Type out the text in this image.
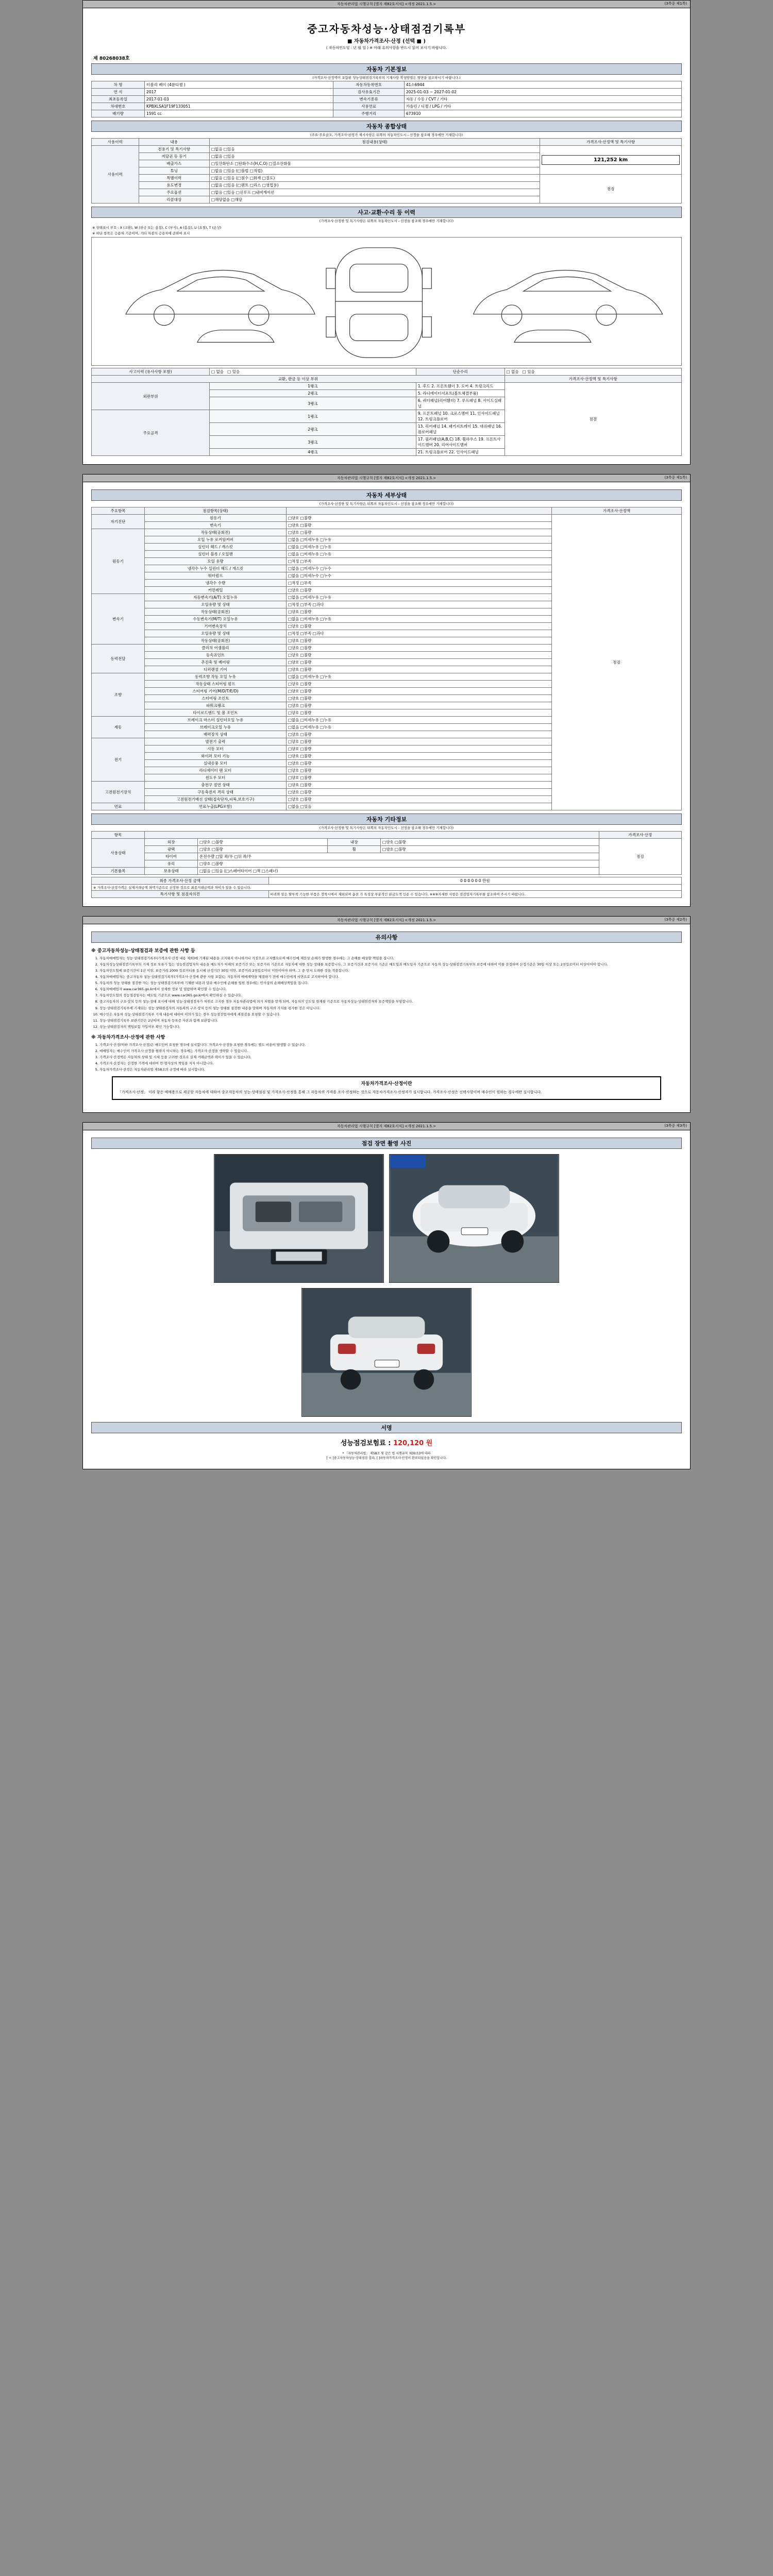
자동차관리법 시행규칙 [별지 제82호서식] <개정 2021.1.5.>	(3쪽중 제1쪽)
중고자동차성능·상태점검기록부
■ 자동차가격조사·산정 (선택 ■ )
( 자동차인도일 : 년 월 일 ) ※ 아래 유의사항을 반드시 읽어 보시기 바랍니다.
제 80268038호
자동차 기본정보
(가격조사·산정액이 포함된 성능상태점검기록부의 기재사항 작성방법은 뒷면을 참조하시기 바랍니다.)
차 명	터볼리 베이 (4륜디젤 )	자동차등록번호	41소6944
연 식	2017	검사유효기간	2025-01-03 ~ 2027-01-02
최초등록일	2017-01-03	변속기종류	자동 / 수동 / CVT / 기타
차대번호	KPBXLSA1F19F133051	사용연료	가솔린 / 디젤 / LPG / 기타
배기량	1591 cc	주행거리	673910
자동차 종합상태
(주요·주요골조, 가격조사·산정가 제시사항은 뒤쪽의 자동차인도시 - 선정을 참조해 경우에만 기재합니다)
사용이력	내용	점검내용(상태)	가격조사·산정액 및 특기사항
사용이력	전용기 및 특기사항	□없음 □있음	121,252 km

	저당권 등 등기	□없음 □있음	
	배출가스	□일산화탄소 □탄화수소(H,C,O) □질소산화물	
	튜닝	□없음 □있음 (□불법 □적법)	
	특별이력	□없음 □있음 (□침수 □화재 □절도)	점검
	용도변경	□없음 □있음 (□렌트 □리스 □영업용)	
	주요옵션	□없음 □있음 □선루프 □내비게이션	
	리콜대상	□해당없음 □해당	
사고·교환·수리 등 이력
(가격조사·산정한 및 특기사항은 뒤쪽의 자동차인도시 - 선정을 참조해 경우에만 기재합니다)
※ 상태표시 부호 : X (교환), W (판금 또는 용접), C (부식), A (흠집), U (요철), T (손상)
※ 하단 항목은 승용차 기준이며, 기타 차종의 승용차에 준하여 표시
사고이력 (유사사항 포함)	□ 없음   □ 있음	단순수리	□ 없음   □ 있음
교환, 판금 등 이상 부위			가격조사·산정액 및 특기사항
외판부위	1랭크	1. 후드 2. 프론트휀더 3. 도어 4. 트렁크리드	점검
	2랭크	5. 라디에이터서포트(볼트체결부품)	
	3랭크	6. 쿼터패널(리어휀더) 7. 루프패널 8. 사이드실패널	
주요골격	1랭크	9. 프론트패널 10. 크로스멤버 11. 인사이드패널 12. 트렁크플로어	
	2랭크	13. 리어패널 14. 패키지트레이 15. 대쉬패널 16. 플로어패널	
	3랭크	17. 필러패널(A,B,C) 18. 휠하우스 19. 프론트사이드멤버 20. 리어사이드멤버	
	4랭크	21. 트렁크플로어 22. 인사이드패널	
자동차관리법 시행규칙 [별지 제82호서식] <개정 2021.1.5.>	(3쪽중 제1쪽)
자동차 세부상태
(가격조사·산정한 및 특기사항은 뒤쪽의 자동차인도시 - 선정을 참조해 경우에만 기재합니다)
주요항목	점검항목(상태)		가격조사·산정액
자기진단	원동기	□양호 □불량	점검
	변속기	□양호 □불량	
원동기	작동상태(공회전)	□양호 □불량	
	오일 누유 로커암커버	□없음 □미세누유 □누유	
	실린더 헤드 / 개스킷	□없음 □미세누유 □누유	
	실린더 블록 / 오일팬	□없음 □미세누유 □누유	
	오일 유량	□적정 □부족	
	냉각수 누수 실린더 헤드 / 개스킷	□없음 □미세누수 □누수	
	워터펌프	□없음 □미세누수 □누수	
	냉각수 수량	□적정 □부족	
	커먼레일	□양호 □불량	
변속기	자동변속기(A/T) 오일누유	□없음 □미세누유 □누유	
	오일유량 및 상태	□적정 □부족 □과다	
	작동상태(공회전)	□양호 □불량	
	수동변속기(M/T) 오일누유	□없음 □미세누유 □누유	
	기어변속장치	□양호 □불량	
	오일유량 및 상태	□적정 □부족 □과다	
	작동상태(공회전)	□양호 □불량	
동력전달	클러치 어셈블리	□양호 □불량	
	등속죠인트	□양호 □불량	
	추진축 및 베어링	□양호 □불량	
	디퍼렌셜 기어	□양호 □불량	
조향	동력조향 작동 오일 누유	□없음 □미세누유 □누유	
	작동상태 스티어링 펌프	□양호 □불량	
	스티어링 기어(M/D/T/E/D)	□양호 □불량	
	스티어링 조인트	□양호 □불량	
	파워크랭크	□양호 □불량	
	타이로드엔드 및 볼 조인트	□양호 □불량	
제동	브레이크 마스터 실린더오일 누유	□없음 □미세누유 □누유	
	브레이크오일 누유	□없음 □미세누유 □누유	
	배력장치 상태	□양호 □불량	
전기	발전기 출력	□양호 □불량	
	시동 모터	□양호 □불량	
	와이퍼 모터 기능	□양호 □불량	
	실내송풍 모터	□양호 □불량	
	라디에이터 팬 모터	□양호 □불량	
	윈도우 모터	□양호 □불량	
고전원전기장치	충전구 절연 상태	□양호 □불량	
	구동축전지 격리 상태	□양호 □불량	
	고전원전기배선 상태(접속단자,피복,보호기구)	□양호 □불량	
연료	연료누출(LPG포함)	□없음 □있음	
자동차 기타정보
(가격조사·산정한 및 특기사항은 뒤쪽의 자동차인도시 - 선정을 참조해 경우에만 기재합니다)
항목					가격조사·산정
사용상태	외장	□양호 □불량	내장	□양호 □불량	점검
	광택	□양호 □불량	휠	□양호 □불량	
	타이어	온전수량 □앞 좌/우 □뒤 좌/우			
	유리	□양호 □불량			
기본품목	보유상태	□없음 □있음 (□스페어타이어 □잭 □스패너)			
최종 가격조사·산정 금액	0 0 0 0 0 0 만원
※ 가격조사·산정가격은 실제거래금액 차액기준으로 산정한 것으로 최종거래금액과 차이가 있을 수 있습니다.	
특기사항 및 점검자의견	바퀴와 밑은 탈부착 기능한 부품은 장착시에서 제외되며 옵션 가 특성상 부분적인 판금도색 인용 수 있습니다. ※※※자세한 사항은 점검업자기록부를 참조하여 주시기 바랍니다.
자동차관리법 시행규칙 [별지 제82호서식] <개정 2021.1.5.>	(3쪽중 제2쪽)
유의사항
※ 중고자동차성능·상태점검과 보증에 관한 사항 등
1. 자동차매매업자는 성능·상태점검기록부(가격조사·산정 내용 제외)에 기재된 내용을 고지하지 아니하거나 거짓으로 고지했으로써 매수인에 재산상 손해가 발생한 경우에는 그 손해를 배상할 책임을 집니다.
2. 자동차성능상태점검기록부의 기재 정보 오류가 있는 성능점검업자의 내용을 매도자가 이해의 보증기간 또는 보증거리 기준으로 자동차에 대한 성능·상태를 보증합니다. 그 보증기간과 보증거리 기준은 매도일과 매도일자 기준으로 자동차 성능·상태점검기록부의 보증에 대하여 이를 산정하며 산정기준은 30일 이상 또는 2천킬로미터 이상이어야 합니다.
3. 자동차인도일에 보증기간이 1년 이상, 보증거리 2000 킬로미터를 동시에 산정기간 30일 미만, 보증거리 2천킬로미터 미만이어야 하며, 그 중 먼저 도래한 것을 적용합니다.
4. 자동차매매업자는 중고자동차 성능·상태점검기록부(가격조사·산정에 관한 사항 포함)는 자동차의 매매계약을 체결하기 전에 매수인에게 서면으로 고지하여야 합니다.
5. 자동차의 성능 상태를 점검한 자는 성능·상태점검기록부에 기재한 내용과 달라 매수인에 손해를 입힌 경우에는 민사상의 손해배상책임을 집니다.
6. 자동차매매업자 www.car365.go.kr에서 상세한 정보 및 열람하며 확인할 수 있습니다.
7. 자동차인도일의 성능점검일자는 매도일 기준으로 www.car365.go.kr에서 확인하실 수 있습니다.
8. 중고자동차의 구조·장치 등의 성능·상태 표시에 대해 성능·상태점검자가 허위로 고지한 경우 자동차관리법에 의거 처벌을 받게 되며, 자동차의 인도일 현재를 기준으로 자동차성능·상태점검자와 보증책임을 부담합니다.
9. 성능·상태점검기록부에 기재되는 성능·상태점검자의 자동차의 구조·장치 등의 성능·상태를 점검한 내용을 말하며 자동차의 가치를 평가한 것은 아닙니다.
10. 매수인은 자동차 성능·상태점검기록부 기재 내용에 대하여 이의가 있는 경우 성능점검업자에게 재점검을 요청할 수 있습니다.
11. 성능·상태점검기록부 보관기간은 2년이며 자동차 등록증 사본과 함께 보관합니다.
12. 성능·상태점검자의 책임보험 가입여부 확인 가능합니다.
※ 자동차가격조사·산정에 관한 사항
1. 가격조사·산정(이하 가격조사·산정)은 매도인이 요청한 경우에 실시합니다. 가격조사·산정을 요청한 경우에는 별도 비용이 발생할 수 있습니다.
2. 매매업자는 매수인이 가격조사·산정을 원하지 아니하는 경우에는 가격조사·산정을 생략할 수 있습니다.
3. 가격조사·산정액은 자동차의 상태 및 시세 등을 고려한 것으로 실제 거래금액과 차이가 있을 수 있습니다.
4. 가격조사·산정자는 산정한 가격에 대하여 민·형사상의 책임을 지지 아니합니다.
5. 자동차가격조사·산정은 자동차관리법 제58조의 규정에 따라 실시합니다.
자동차가격조사·산정이란
「가격조사·산정」 이라 함은 매매용으로 제공할 자동차에 대하여 중고자동차의 성능·상태점검 및 가격조사·산정을 통해 그 자동차의 가격을 조사·산정하는 것으로 자동차가격조사·산정자가 실시합니다. 가격조사·산정은 선택사항이며 매수인이 원하는 경우에만 실시합니다.
자동차관리법 시행규칙 [별지 제82호서식] <개정 2021.1.5.>	(3쪽중 제3쪽)
점검 장면 촬영 사진
서명
성능점검보험료 : 120,120 원
* 「자동차관리법」 제58조 및 같은 법 시행규칙 제30조3에 따라
[ ㅇ ]중고자동차성능·상태점검 결과, [ ]자동차가격조사·산정이 완료되었음을 확인합니다.
